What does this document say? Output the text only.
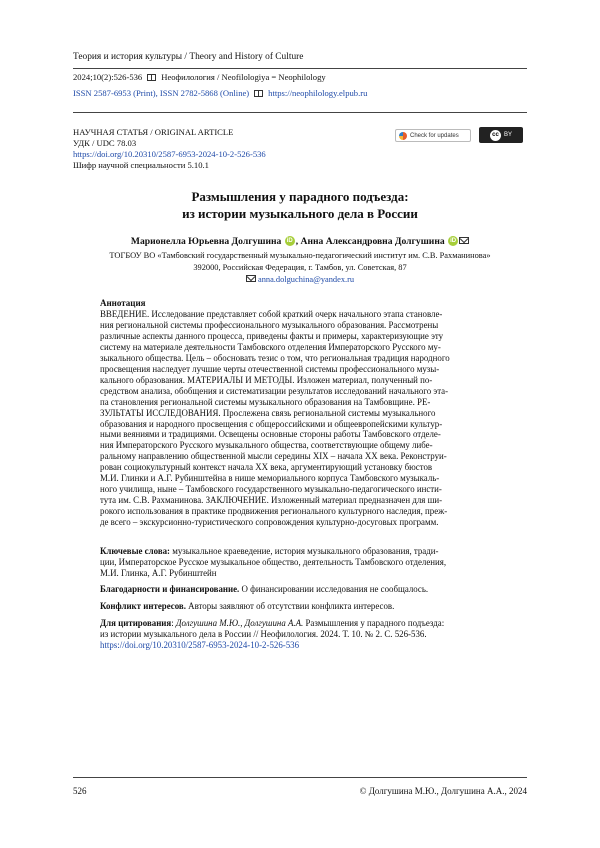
Теория и история культуры / Theory and History of Culture
2024;10(2):526-536 Неофилология / Neofilologiya = Neophilology
ISSN 2587-6953 (Print), ISSN 2782-5868 (Online) https://neophilology.elpub.ru
НАУЧНАЯ СТАТЬЯ / ORIGINAL ARTICLE
УДК / UDC 78.03
https://doi.org/10.20310/2587-6953-2024-10-2-526-536
Шифр научной специальности 5.10.1
Check for updates	cc BY
Размышления у парадного подъезда:
из истории музыкального дела в России
Марионелла Юрьевна Долгушина iD , Анна Александровна Долгушина iD
ТОГБОУ ВО «Тамбовский государственный музыкально-педагогический институт им. С.В. Рахманинова»
392000, Российская Федерация, г. Тамбов, ул. Советская, 87
anna.dolguchina@yandex.ru
Аннотация
ВВЕДЕНИЕ. Исследование представляет собой краткий очерк начального этапа становле-
ния региональной системы профессионального музыкального образования. Рассмотрены
различные аспекты данного процесса, приведены факты и примеры, характеризующие эту
систему на материале деятельности Тамбовского отделения Императорского Русского му-
зыкального общества. Цель – обосновать тезис о том, что региональная традиция народного
просвещения наследует лучшие черты отечественной системы профессионального музы-
кального образования. МАТЕРИАЛЫ И МЕТОДЫ. Изложен материал, полученный по-
средством анализа, обобщения и систематизации результатов исследований начального эта-
па становления региональной системы музыкального образования на Тамбовщине. РЕ-
ЗУЛЬТАТЫ ИССЛЕДОВАНИЯ. Прослежена связь региональной системы музыкального
образования и народного просвещения с общероссийскими и общеевропейскими культур-
ными веяниями и традициями. Освещены основные стороны работы Тамбовского отделе-
ния Императорского Русского музыкального общества, соответствующие общему либе-
ральному направлению общественной мысли середины XIX – начала XX века. Реконструи-
рован социокультурный контекст начала XX века, аргументирующий установку бюстов
М.И. Глинки и А.Г. Рубинштейна в нише мемориального корпуса Тамбовского музыкаль-
ного училища, ныне – Тамбовского государственного музыкально-педагогического инсти-
тута им. С.В. Рахманинова. ЗАКЛЮЧЕНИЕ. Изложенный материал предназначен для ши-
рокого использования в практике продвижения регионального культурного наследия, преж-
де всего – экскурсионно-туристического сопровождения культурно-досуговых программ.
Ключевые слова: музыкальное краеведение, история музыкального образования, тради-
ции, Императорское Русское музыкальное общество, деятельность Тамбовского отделения,
М.И. Глинка, А.Г. Рубинштейн
Благодарности и финансирование. О финансировании исследования не сообщалось.
Конфликт интересов. Авторы заявляют об отсутствии конфликта интересов.
Для цитирования: Долгушина М.Ю., Долгушина А.А. Размышления у парадного подъезда:
из истории музыкального дела в России // Неофилология. 2024. Т. 10. № 2. С. 526-536.
https://doi.org/10.20310/2587-6953-2024-10-2-526-536
526	© Долгушина М.Ю., Долгушина А.А., 2024
